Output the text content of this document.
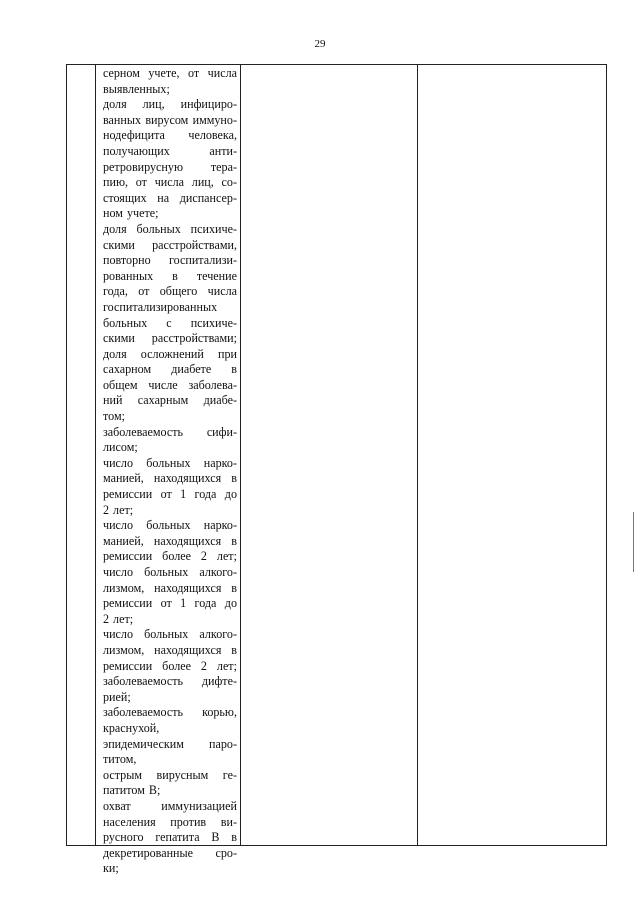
29
серном учете, от числа
выявленных;
доля лиц, инфициро-
ванных вирусом иммуно-
нодефицита человека,
получающих	анти-
ретровирусную тера-
пию, от числа лиц, со-
стоящих на диспансер-
ном учете;
доля больных психиче-
скими расстройствами,
повторно госпитализи-
рованных в течение
года, от общего числа
госпитализированных
больных с психиче-
скими расстройствами;
доля осложнений при
сахарном диабете в
общем числе заболева-
ний сахарным диабе-
том;
заболеваемость сифи-
лисом;
число больных нарко-
манией, находящихся в
ремиссии от 1 года до
2 лет;
число больных нарко-
манией, находящихся в
ремиссии более 2 лет;
число больных алкого-
лизмом, находящихся в
ремиссии от 1 года до
2 лет;
число больных алкого-
лизмом, находящихся в
ремиссии более 2 лет;
заболеваемость дифте-
рией;
заболеваемость корью,
краснухой,
эпидемическим паро-
титом,
острым вирусным ге-
патитом В;
охват	иммунизацией
населения против ви-
русного гепатита В в
декретированные сро-
ки;
